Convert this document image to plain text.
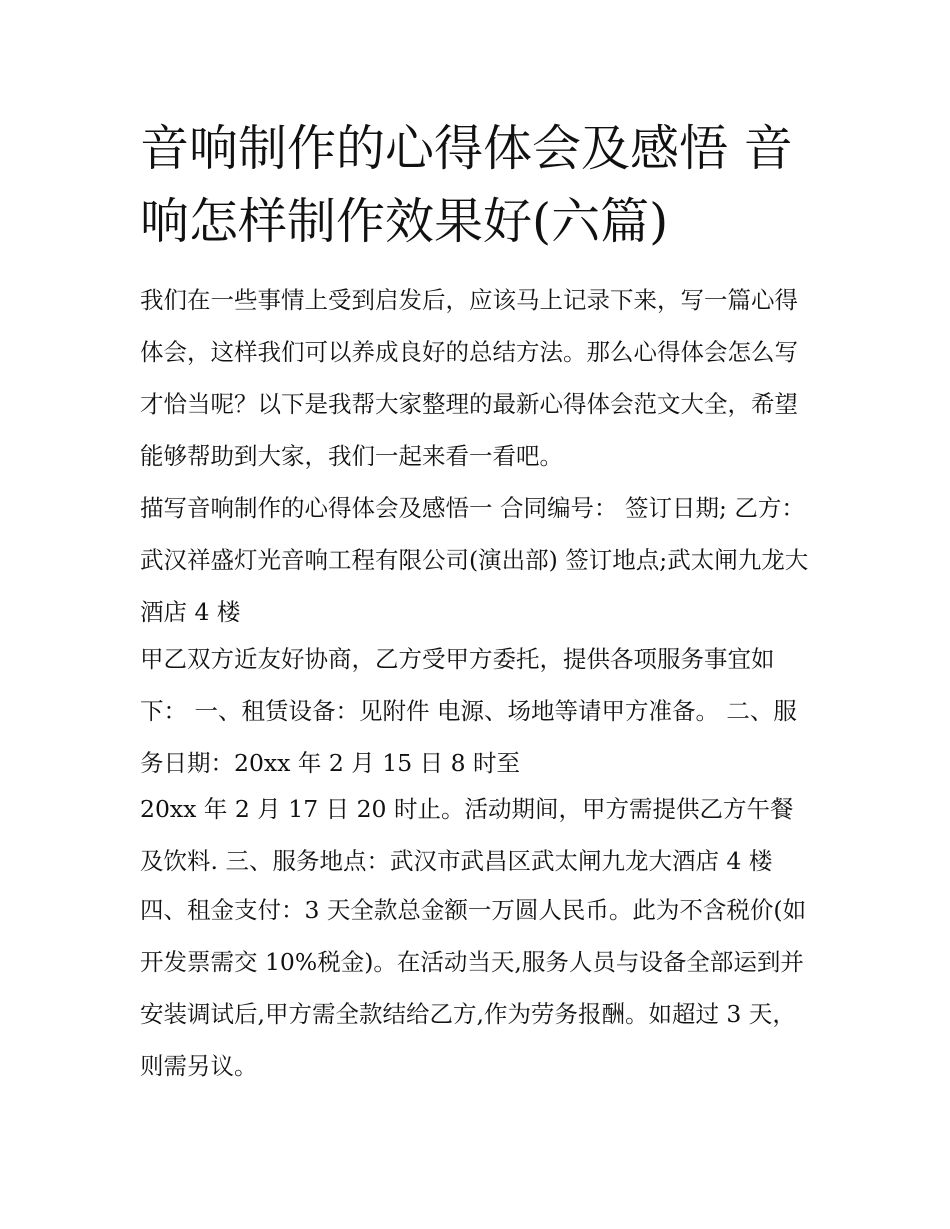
音响制作的心得体会及感悟 音响怎样制作效果好(六篇)

我们在一些事情上受到启发后，应该马上记录下来，写一篇心得体会，这样我们可以养成良好的总结方法。那么心得体会怎么写才恰当呢？以下是我帮大家整理的最新心得体会范文大全，希望能够帮助到大家，我们一起来看一看吧。

描写音响制作的心得体会及感悟一 合同编号： 签订日期; 乙方： 武汉祥盛灯光音响工程有限公司(演出部) 签订地点;武太闸九龙大酒店 4 楼

甲乙双方近友好协商，乙方受甲方委托，提供各项服务事宜如下： 一、租赁设备：见附件 电源、场地等请甲方准备。 二、服务日期：20xx 年 2 月 15 日 8 时至

20xx 年 2 月 17 日 20 时止。活动期间，甲方需提供乙方午餐及饮料. 三、服务地点：武汉市武昌区武太闸九龙大酒店 4 楼

四、租金支付：3 天全款总金额一万圆人民币。此为不含税价(如开发票需交 10%税金)。在活动当天,服务人员与设备全部运到并安装调试后,甲方需全款结给乙方,作为劳务报酬。如超过 3 天，则需另议。
